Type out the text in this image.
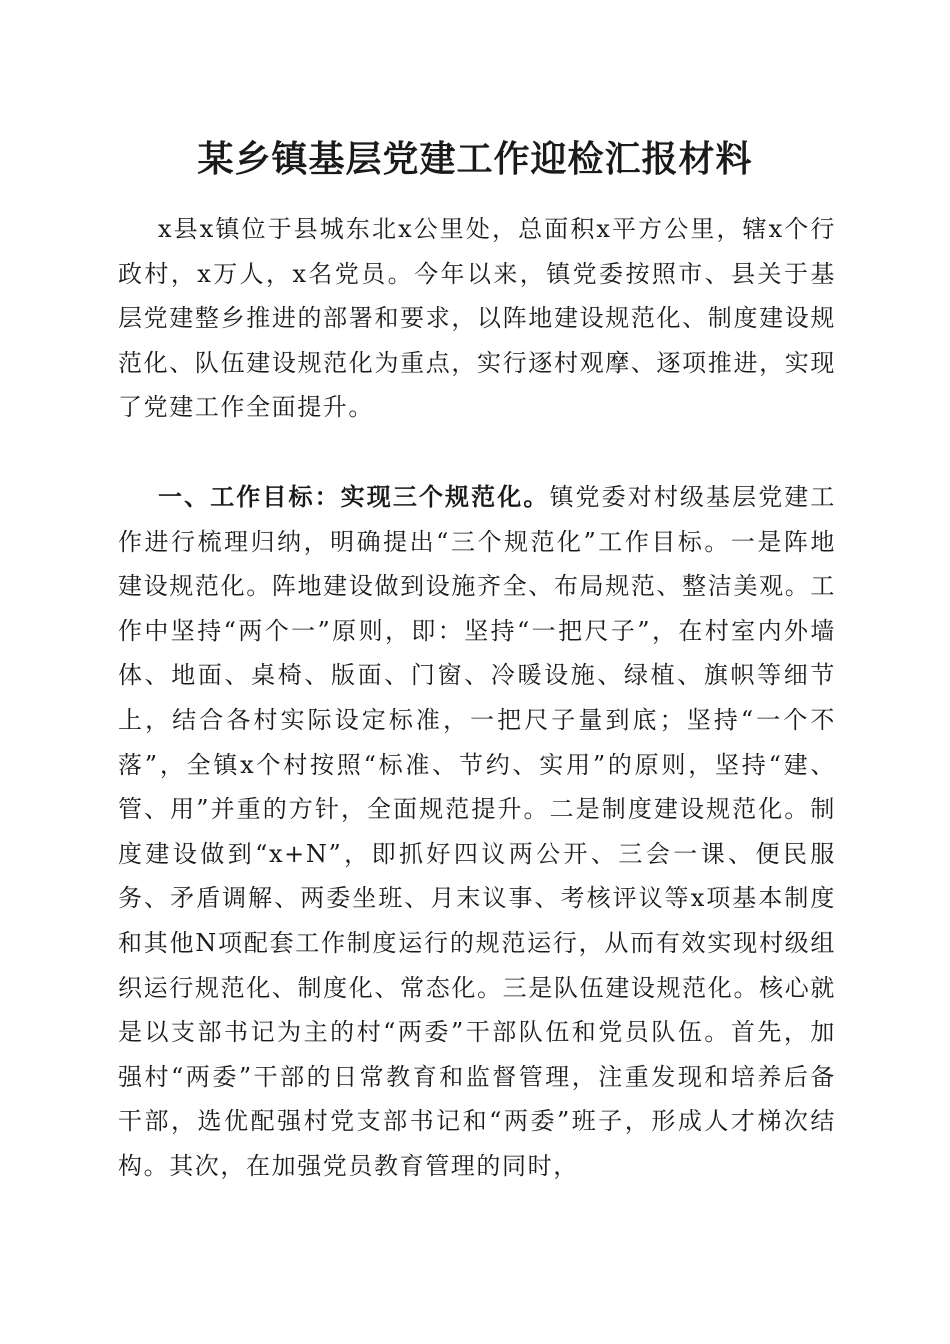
某乡镇基层党建工作迎检汇报材料

x县x镇位于县城东北x公里处，总面积x平方公里，辖x个行政村，x万人，x名党员。今年以来，镇党委按照市、县关于基层党建整乡推进的部署和要求，以阵地建设规范化、制度建设规范化、队伍建设规范化为重点，实行逐村观摩、逐项推进，实现了党建工作全面提升。

一、工作目标：实现三个规范化。镇党委对村级基层党建工作进行梳理归纳，明确提出“三个规范化”工作目标。一是阵地建设规范化。阵地建设做到设施齐全、布局规范、整洁美观。工作中坚持“两个一”原则，即：坚持“一把尺子”，在村室内外墙体、地面、桌椅、版面、门窗、冷暖设施、绿植、旗帜等细节上，结合各村实际设定标准，一把尺子量到底；坚持“一个不落”，全镇x个村按照“标准、节约、实用”的原则，坚持“建、管、用”并重的方针，全面规范提升。二是制度建设规范化。制度建设做到“x+N”，即抓好四议两公开、三会一课、便民服务、矛盾调解、两委坐班、月末议事、考核评议等x项基本制度和其他N项配套工作制度运行的规范运行，从而有效实现村级组织运行规范化、制度化、常态化。三是队伍建设规范化。核心就是以支部书记为主的村“两委”干部队伍和党员队伍。首先，加强村“两委”干部的日常教育和监督管理，注重发现和培养后备干部，选优配强村党支部书记和“两委”班子，形成人才梯次结构。其次，在加强党员教育管理的同时，
